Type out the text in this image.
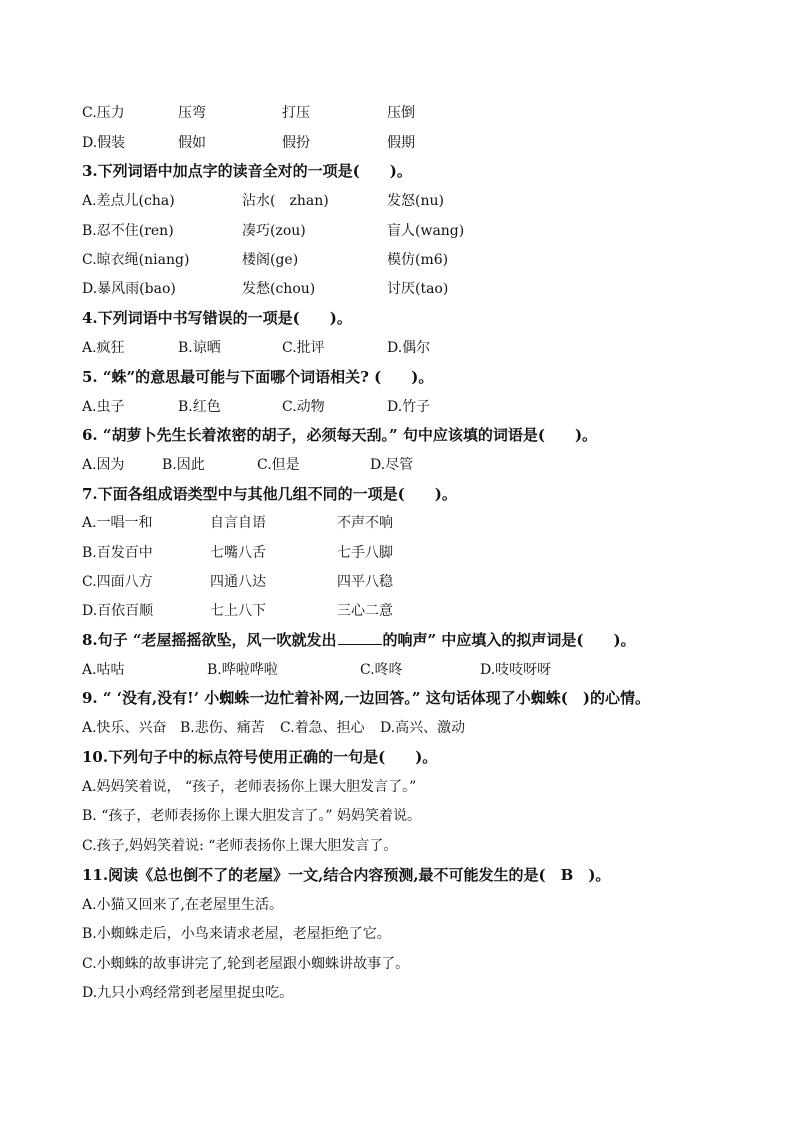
C.压力	压弯	打压	压倒
D.假装	假如	假扮	假期
3.下列词语中加点字的读音全对的一项是(　　)。
A.差点儿(cha)	沾水(　zhan)	发怒(nu)
B.忍不住(ren)	凑巧(zou)	盲人(wang)
C.晾衣绳(niang)	楼阁(ge)	模仿(m6)
D.暴风雨(bao)	发愁(chou)	讨厌(tao)
4.下列词语中书写错误的一项是(　　)。
A.疯狂	B.谅晒	C.批评	D.偶尔
5. “蛛”的意思最可能与下面哪个词语相关? (　　)。
A.虫子	B.红色	C.动物	D.竹子
6. “胡萝卜先生长着浓密的胡子，必须每天刮。” 句中应该填的词语是(　　)。
A.因为	B.因此	C.但是	D.尽管
7.下面各组成语类型中与其他几组不同的一项是(　　)。
A.一唱一和	自言自语	不声不响
B.百发百中	七嘴八舌	七手八脚
C.四面八方	四通八达	四平八稳
D.百依百顺	七上八下	三心二意
8.句子 “老屋摇摇欲坠，风一吹就发出	的响声” 中应填入的拟声词是(　　)。
A.咕咕	B.哗啦哗啦	C.咚咚	D.吱吱呀呀
9. “ ‘没有,没有!’ 小蜘蛛一边忙着补网,一边回答。” 这句话体现了小蜘蛛(　)的心情。
A.快乐、兴奋 B.悲伤、痛苦 C.着急、担心 D.高兴、激动
10.下列句子中的标点符号使用正确的一句是(　　)。
A.妈妈笑着说， “孩子，老师表扬你上课大胆发言了。”
B. “孩子，老师表扬你上课大胆发言了。” 妈妈笑着说。
C.孩子,妈妈笑着说: “老师表扬你上课大胆发言了。
11.阅读《总也倒不了的老屋》一文,结合内容预测,最不可能发生的是(　B　)。
A.小猫又回来了,在老屋里生活。
B.小蜘蛛走后，小鸟来请求老屋，老屋拒绝了它。
C.小蜘蛛的故事讲完了,轮到老屋跟小蜘蛛讲故事了。
D.九只小鸡经常到老屋里捉虫吃。
